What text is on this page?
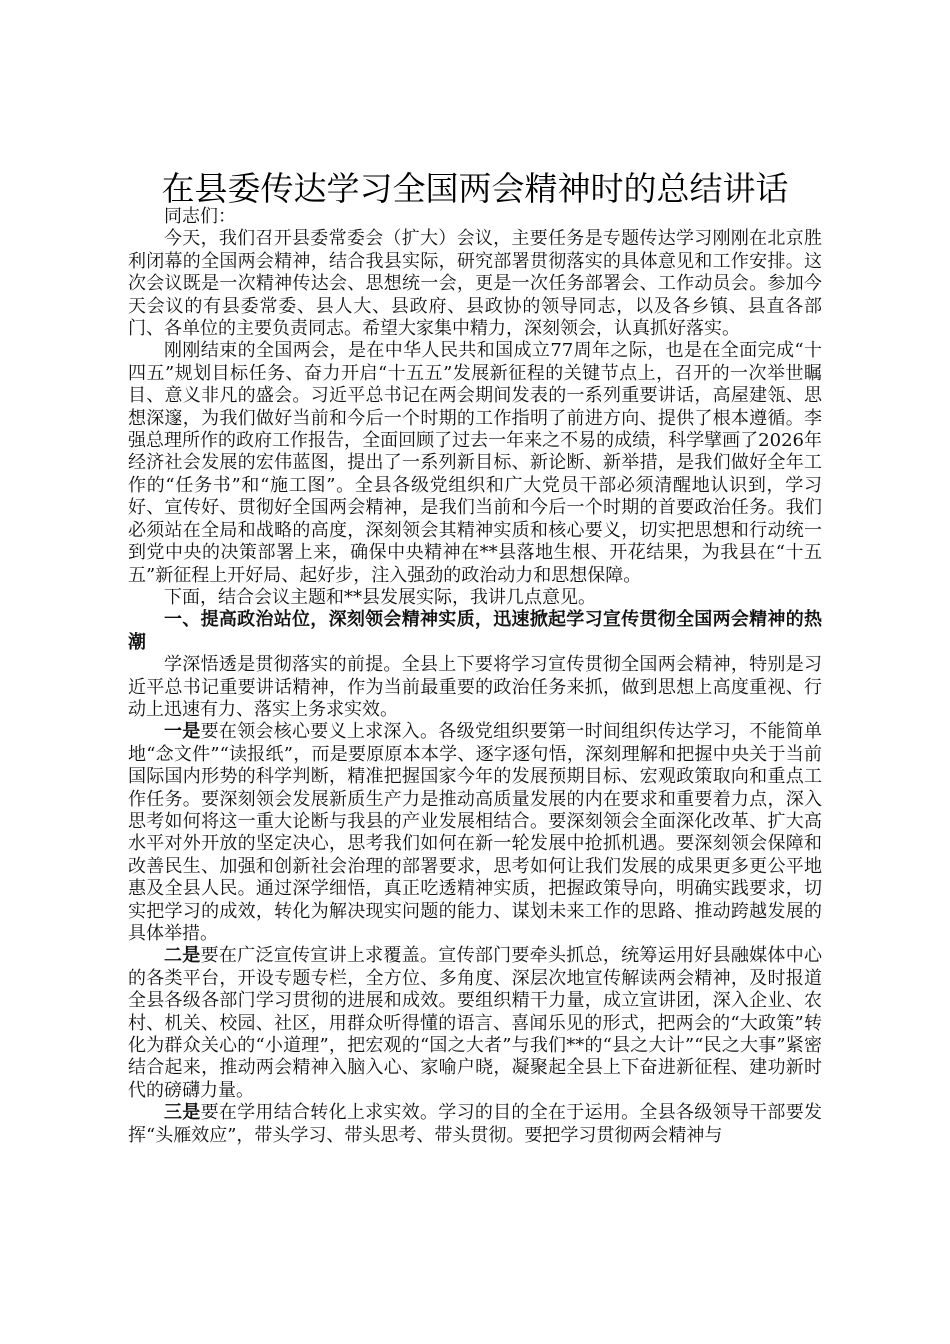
在县委传达学习全国两会精神时的总结讲话

同志们：

今天，我们召开县委常委会（扩大）会议，主要任务是专题传达学习刚刚在北京胜利闭幕的全国两会精神，结合我县实际，研究部署贯彻落实的具体意见和工作安排。这次会议既是一次精神传达会、思想统一会，更是一次任务部署会、工作动员会。参加今天会议的有县委常委、县人大、县政府、县政协的领导同志，以及各乡镇、县直各部门、各单位的主要负责同志。希望大家集中精力，深刻领会，认真抓好落实。

刚刚结束的全国两会，是在中华人民共和国成立77周年之际，也是在全面完成“十四五”规划目标任务、奋力开启“十五五”发展新征程的关键节点上，召开的一次举世瞩目、意义非凡的盛会。习近平总书记在两会期间发表的一系列重要讲话，高屋建瓴、思想深邃，为我们做好当前和今后一个时期的工作指明了前进方向、提供了根本遵循。李强总理所作的政府工作报告，全面回顾了过去一年来之不易的成绩，科学擘画了2026年经济社会发展的宏伟蓝图，提出了一系列新目标、新论断、新举措，是我们做好全年工作的“任务书”和“施工图”。全县各级党组织和广大党员干部必须清醒地认识到，学习好、宣传好、贯彻好全国两会精神，是我们当前和今后一个时期的首要政治任务。我们必须站在全局和战略的高度，深刻领会其精神实质和核心要义，切实把思想和行动统一到党中央的决策部署上来，确保中央精神在**县落地生根、开花结果，为我县在“十五五”新征程上开好局、起好步，注入强劲的政治动力和思想保障。

下面，结合会议主题和**县发展实际，我讲几点意见。

一、提高政治站位，深刻领会精神实质，迅速掀起学习宣传贯彻全国两会精神的热潮

学深悟透是贯彻落实的前提。全县上下要将学习宣传贯彻全国两会精神，特别是习近平总书记重要讲话精神，作为当前最重要的政治任务来抓，做到思想上高度重视、行动上迅速有力、落实上务求实效。

一是要在领会核心要义上求深入。各级党组织要第一时间组织传达学习，不能简单地“念文件”“读报纸”，而是要原原本本学、逐字逐句悟，深刻理解和把握中央关于当前国际国内形势的科学判断，精准把握国家今年的发展预期目标、宏观政策取向和重点工作任务。要深刻领会发展新质生产力是推动高质量发展的内在要求和重要着力点，深入思考如何将这一重大论断与我县的产业发展相结合。要深刻领会全面深化改革、扩大高水平对外开放的坚定决心，思考我们如何在新一轮发展中抢抓机遇。要深刻领会保障和改善民生、加强和创新社会治理的部署要求，思考如何让我们发展的成果更多更公平地惠及全县人民。通过深学细悟，真正吃透精神实质，把握政策导向，明确实践要求，切实把学习的成效，转化为解决现实问题的能力、谋划未来工作的思路、推动跨越发展的具体举措。

二是要在广泛宣传宣讲上求覆盖。宣传部门要牵头抓总，统筹运用好县融媒体中心的各类平台，开设专题专栏，全方位、多角度、深层次地宣传解读两会精神，及时报道全县各级各部门学习贯彻的进展和成效。要组织精干力量，成立宣讲团，深入企业、农村、机关、校园、社区，用群众听得懂的语言、喜闻乐见的形式，把两会的“大政策”转化为群众关心的“小道理”，把宏观的“国之大者”与我们**的“县之大计”“民之大事”紧密结合起来，推动两会精神入脑入心、家喻户晓，凝聚起全县上下奋进新征程、建功新时代的磅礴力量。

三是要在学用结合转化上求实效。学习的目的全在于运用。全县各级领导干部要发挥“头雁效应”，带头学习、带头思考、带头贯彻。要把学习贯彻两会精神与
